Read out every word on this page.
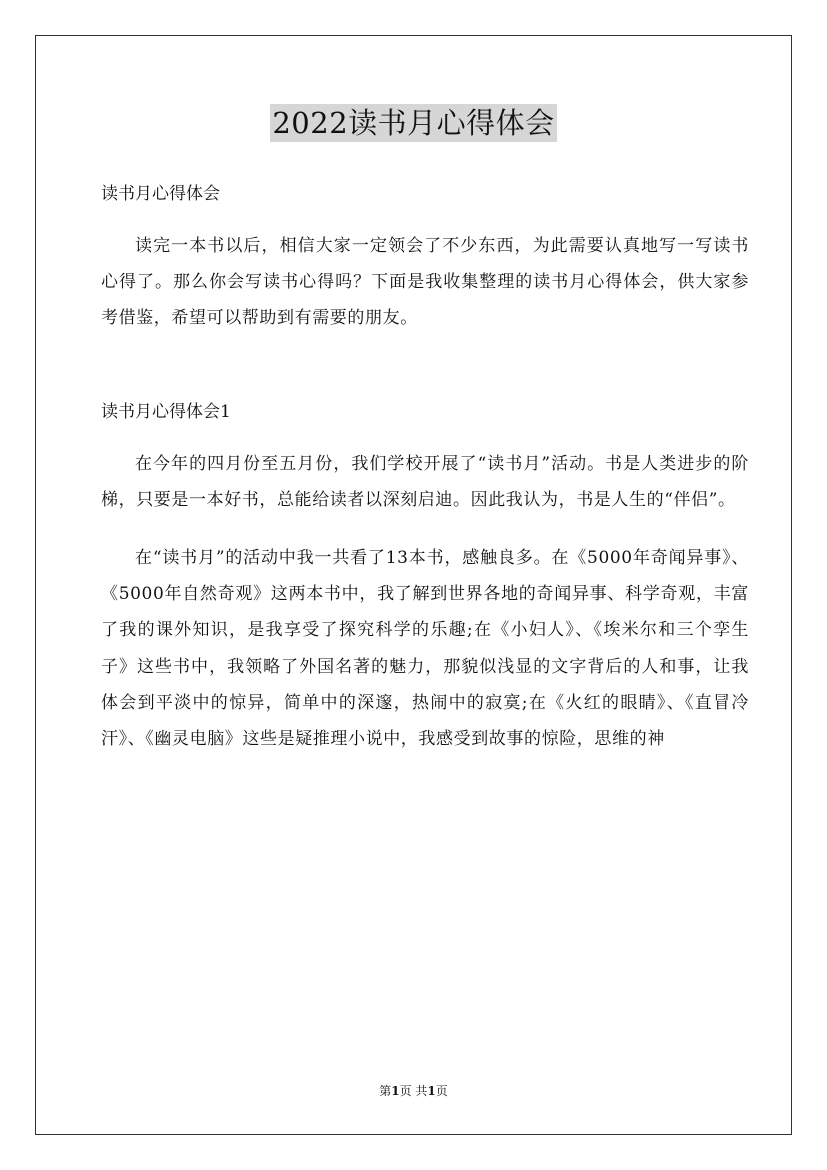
2022读书月心得体会

读书月心得体会

读完一本书以后，相信大家一定领会了不少东西，为此需要认真地写一写读书心得了。那么你会写读书心得吗？下面是我收集整理的读书月心得体会，供大家参考借鉴，希望可以帮助到有需要的朋友。

读书月心得体会1

在今年的四月份至五月份，我们学校开展了“读书月”活动。书是人类进步的阶梯，只要是一本好书，总能给读者以深刻启迪。因此我认为，书是人生的“伴侣”。

在“读书月”的活动中我一共看了13本书，感触良多。在《5000年奇闻异事》、《5000年自然奇观》这两本书中，我了解到世界各地的奇闻异事、科学奇观，丰富了我的课外知识，是我享受了探究科学的乐趣;在《小妇人》、《埃米尔和三个孪生子》这些书中，我领略了外国名著的魅力，那貌似浅显的文字背后的人和事，让我体会到平淡中的惊异，简单中的深邃，热闹中的寂寞;在《火红的眼睛》、《直冒冷汗》、《幽灵电脑》这些是疑推理小说中，我感受到故事的惊险，思维的神

第1页 共1页
